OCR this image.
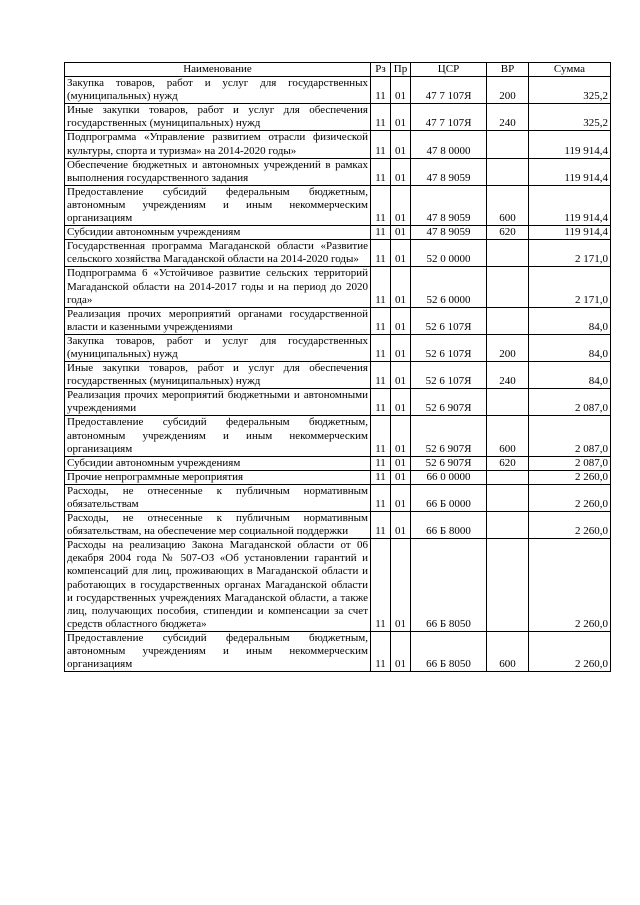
Наименование	Рз	Пр	ЦСР	ВР	Сумма
Закупка товаров, работ и услуг для государственных (муниципальных) нужд	11	01	47 7 107Я	200	325,2
Иные закупки товаров, работ и услуг для обеспечения государственных (муниципальных) нужд	11	01	47 7 107Я	240	325,2
Подпрограмма «Управление развитием отрасли физической культуры, спорта и туризма» на 2014-2020 годы»	11	01	47 8 0000		119 914,4
Обеспечение бюджетных и автономных учреждений в рамках выполнения государственного задания	11	01	47 8 9059		119 914,4
Предоставление субсидий федеральным бюджетным, автономным учреждениям и иным некоммерческим организациям	11	01	47 8 9059	600	119 914,4
Субсидии автономным учреждениям	11	01	47 8 9059	620	119 914,4
Государственная программа Магаданской области «Развитие сельского хозяйства Магаданской области на 2014-2020 годы»	11	01	52 0 0000		2 171,0
Подпрограмма 6 «Устойчивое развитие сельских территорий Магаданской области на 2014-2017 годы и на период до 2020 года»	11	01	52 6 0000		2 171,0
Реализация прочих мероприятий органами государственной власти и казенными учреждениями	11	01	52 6 107Я		84,0
Закупка товаров, работ и услуг для государственных (муниципальных) нужд	11	01	52 6 107Я	200	84,0
Иные закупки товаров, работ и услуг для обеспечения государственных (муниципальных) нужд	11	01	52 6 107Я	240	84,0
Реализация прочих мероприятий бюджетными и автономными учреждениями	11	01	52 6 907Я		2 087,0
Предоставление субсидий федеральным бюджетным, автономным учреждениям и иным некоммерческим организациям	11	01	52 6 907Я	600	2 087,0
Субсидии автономным учреждениям	11	01	52 6 907Я	620	2 087,0
Прочие непрограммные мероприятия	11	01	66 0 0000		2 260,0
Расходы, не отнесенные к публичным нормативным обязательствам	11	01	66 Б 0000		2 260,0
Расходы, не отнесенные к публичным нормативным обязательствам, на обеспечение мер социальной поддержки	11	01	66 Б 8000		2 260,0
Расходы на реализацию Закона Магаданской области от 06 декабря 2004 года № 507-ОЗ «Об установлении гарантий и компенсаций для лиц, проживающих в Магаданской области и работающих в государственных органах Магаданской области и государственных учреждениях Магаданской области, а также лиц, получающих пособия, стипендии и компенсации за счет средств областного бюджета»	11	01	66 Б 8050		2 260,0
Предоставление субсидий федеральным бюджетным, автономным учреждениям и иным некоммерческим организациям	11	01	66 Б 8050	600	2 260,0
